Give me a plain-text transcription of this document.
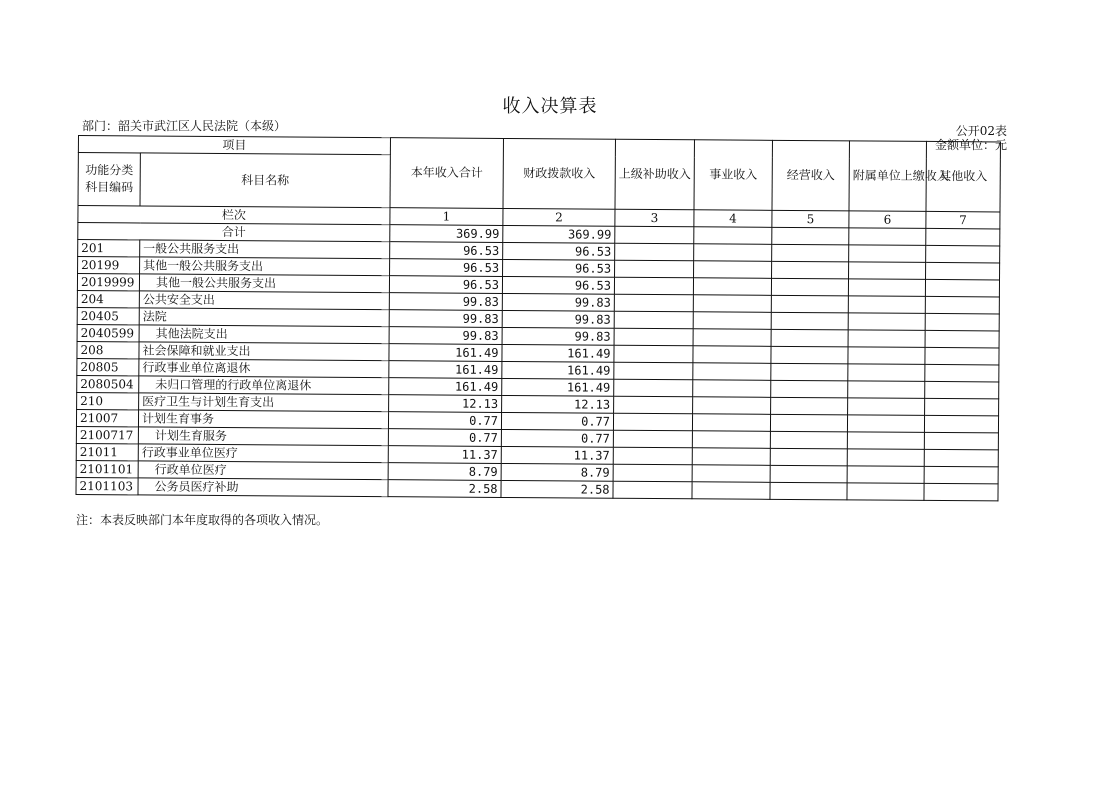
收入决算表
部门：韶关市武江区人民法院（本级）	公开02表
金额单位：元
项目		本年收入合计	财政拨款收入	上级补助收入	事业收入	经营收入	附属单位上缴收入	其他收入
功能分类科目编码	科目名称							
栏次		1	2	3	4	5	6	7
合计		369.99	369.99					
201	一般公共服务支出	96.53	96.53					
20199	其他一般公共服务支出	96.53	96.53					
2019999	其他一般公共服务支出	96.53	96.53					
204	公共安全支出	99.83	99.83					
20405	法院	99.83	99.83					
2040599	其他法院支出	99.83	99.83					
208	社会保障和就业支出	161.49	161.49					
20805	行政事业单位离退休	161.49	161.49					
2080504	未归口管理的行政单位离退休	161.49	161.49					
210	医疗卫生与计划生育支出	12.13	12.13					
21007	计划生育事务	0.77	0.77					
2100717	计划生育服务	0.77	0.77					
21011	行政事业单位医疗	11.37	11.37					
2101101	行政单位医疗	8.79	8.79					
2101103	公务员医疗补助	2.58	2.58					
注：本表反映部门本年度取得的各项收入情况。
